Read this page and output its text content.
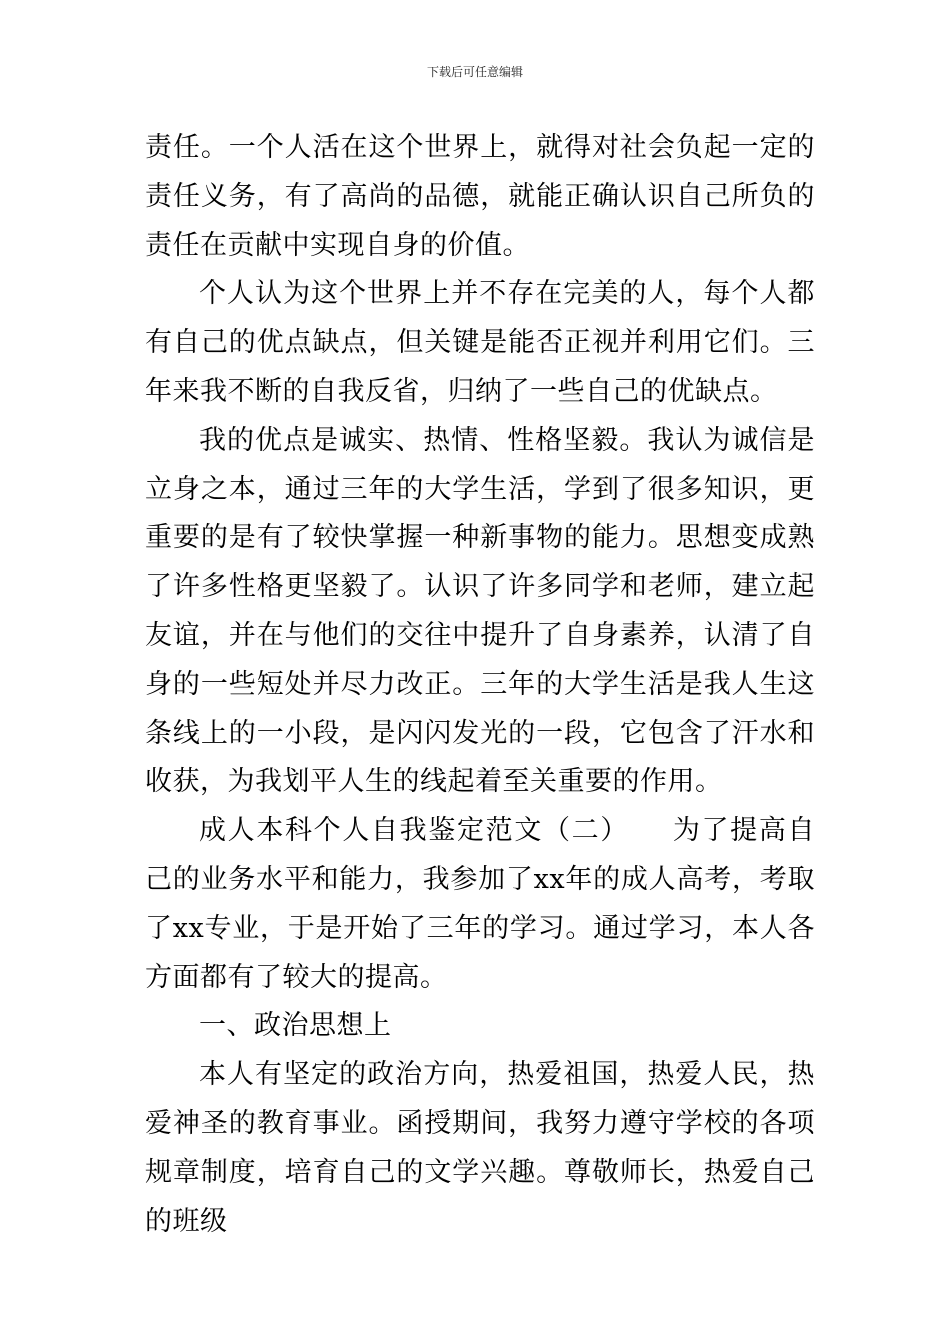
下载后可任意编辑

责任。一个人活在这个世界上，就得对社会负起一定的责任义务，有了高尚的品德，就能正确认识自己所负的责任在贡献中实现自身的价值。

个人认为这个世界上并不存在完美的人，每个人都有自己的优点缺点，但关键是能否正视并利用它们。三年来我不断的自我反省，归纳了一些自己的优缺点。

我的优点是诚实、热情、性格坚毅。我认为诚信是立身之本，通过三年的大学生活，学到了很多知识，更重要的是有了较快掌握一种新事物的能力。思想变成熟了许多性格更坚毅了。认识了许多同学和老师，建立起友谊，并在与他们的交往中提升了自身素养，认清了自身的一些短处并尽力改正。三年的大学生活是我人生这条线上的一小段，是闪闪发光的一段，它包含了汗水和收获，为我划平人生的线起着至关重要的作用。

成人本科个人自我鉴定范文（二）　　为了提高自己的业务水平和能力，我参加了xx年的成人高考，考取了xx专业，于是开始了三年的学习。通过学习，本人各方面都有了较大的提高。

一、政治思想上

本人有坚定的政治方向，热爱祖国，热爱人民，热爱神圣的教育事业。函授期间，我努力遵守学校的各项规章制度，培育自己的文学兴趣。尊敬师长，热爱自己的班级
